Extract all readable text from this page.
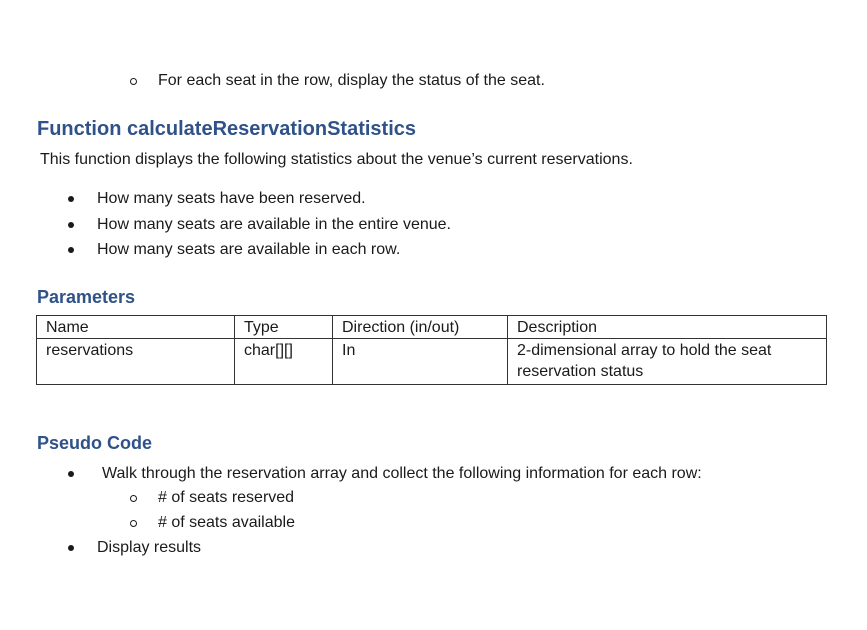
For each seat in the row, display the status of the seat.
Function calculateReservationStatistics
This function displays the following statistics about the venue’s current reservations.
How many seats have been reserved.
How many seats are available in the entire venue.
How many seats are available in each row.
Parameters
Name	Type	Direction (in/out)	Description
reservations	char[][]	In	2-dimensional array to hold the seat reservation status
Pseudo Code
Walk through the reservation array and collect the following information for each row:
# of seats reserved
# of seats available
Display results
